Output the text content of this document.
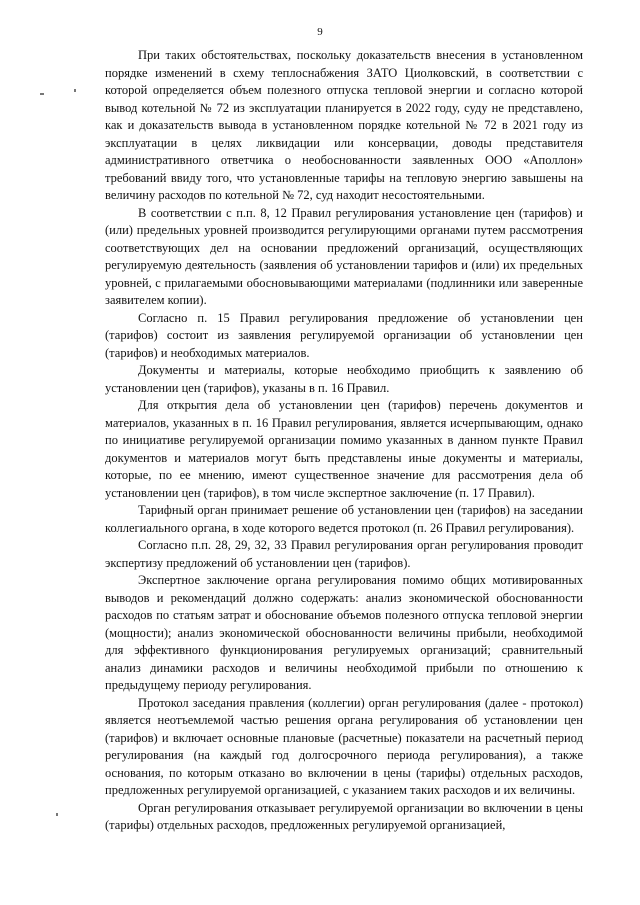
9

При таких обстоятельствах, поскольку доказательств внесения в установленном порядке изменений в схему теплоснабжения ЗАТО Циолковский, в соответствии с которой определяется объем полезного отпуска тепловой энергии и согласно которой вывод котельной № 72 из эксплуатации планируется в 2022 году, суду не представлено, как и доказательств вывода в установленном порядке котельной № 72 в 2021 году из эксплуатации в целях ликвидации или консервации, доводы представителя административного ответчика о необоснованности заявленных ООО «Аполлон» требований ввиду того, что установленные тарифы на тепловую энергию завышены на величину расходов по котельной № 72, суд находит несостоятельными.

В соответствии с п.п. 8, 12 Правил регулирования установление цен (тарифов) и (или) предельных уровней производится регулирующими органами путем рассмотрения соответствующих дел на основании предложений организаций, осуществляющих регулируемую деятельность (заявления об установлении тарифов и (или) их предельных уровней, с прилагаемыми обосновывающими материалами (подлинники или заверенные заявителем копии).

Согласно п. 15 Правил регулирования предложение об установлении цен (тарифов) состоит из заявления регулируемой организации об установлении цен (тарифов) и необходимых материалов.

Документы и материалы, которые необходимо приобщить к заявлению об установлении цен (тарифов), указаны в п. 16 Правил.

Для открытия дела об установлении цен (тарифов) перечень документов и материалов, указанных в п. 16 Правил регулирования, является исчерпывающим, однако по инициативе регулируемой организации помимо указанных в данном пункте Правил документов и материалов могут быть представлены иные документы и материалы, которые, по ее мнению, имеют существенное значение для рассмотрения дела об установлении цен (тарифов), в том числе экспертное заключение (п. 17 Правил).

Тарифный орган принимает решение об установлении цен (тарифов) на заседании коллегиального органа, в ходе которого ведется протокол (п. 26 Правил регулирования).

Согласно п.п. 28, 29, 32, 33 Правил регулирования орган регулирования проводит экспертизу предложений об установлении цен (тарифов).

Экспертное заключение органа регулирования помимо общих мотивированных выводов и рекомендаций должно содержать: анализ экономической обоснованности расходов по статьям затрат и обоснование объемов полезного отпуска тепловой энергии (мощности); анализ экономической обоснованности величины прибыли, необходимой для эффективного функционирования регулируемых организаций; сравнительный анализ динамики расходов и величины необходимой прибыли по отношению к предыдущему периоду регулирования.

Протокол заседания правления (коллегии) орган регулирования (далее - протокол) является неотъемлемой частью решения органа регулирования об установлении цен (тарифов) и включает основные плановые (расчетные) показатели на расчетный период регулирования (на каждый год долгосрочного периода регулирования), а также основания, по которым отказано во включении в цены (тарифы) отдельных расходов, предложенных регулируемой организацией, с указанием таких расходов и их величины.

Орган регулирования отказывает регулируемой организации во включении в цены (тарифы) отдельных расходов, предложенных регулируемой организацией,
